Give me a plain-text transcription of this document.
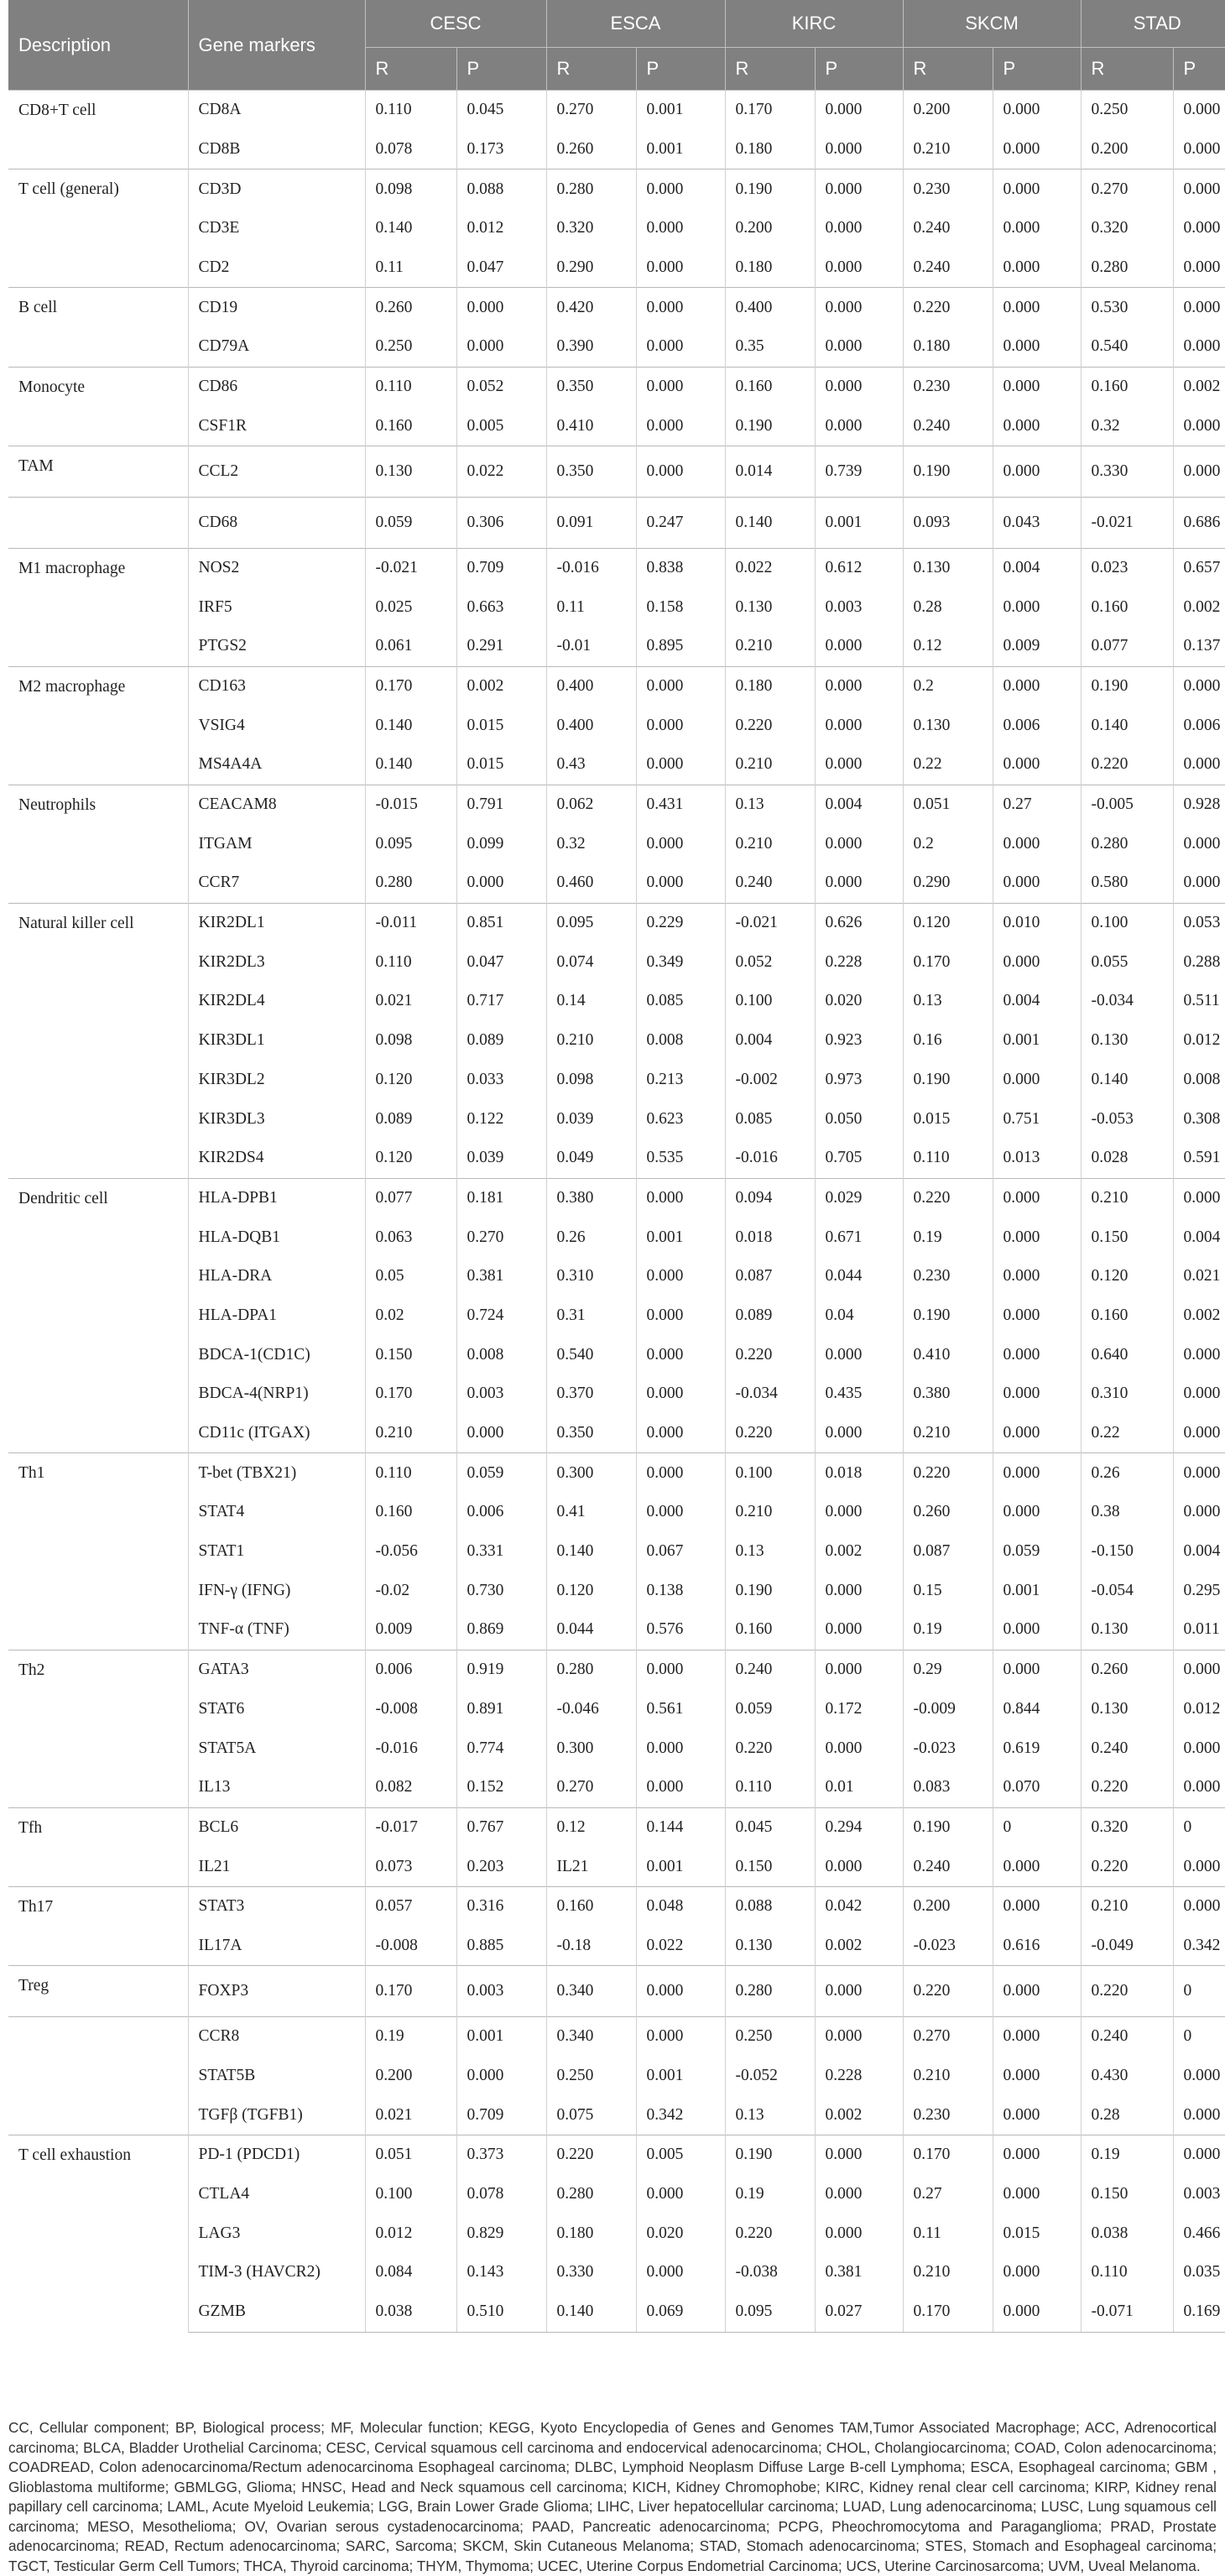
Description	Gene markers	CESC		ESCA		KIRC		SKCM		STAD	
		R	P	R	P	R	P	R	P	R	P
CD8+T cell	CD8A	0.110	0.045	0.270	0.001	0.170	0.000	0.200	0.000	0.250	0.000
	CD8B	0.078	0.173	0.260	0.001	0.180	0.000	0.210	0.000	0.200	0.000
T cell (general)	CD3D	0.098	0.088	0.280	0.000	0.190	0.000	0.230	0.000	0.270	0.000
	CD3E	0.140	0.012	0.320	0.000	0.200	0.000	0.240	0.000	0.320	0.000
	CD2	0.11	0.047	0.290	0.000	0.180	0.000	0.240	0.000	0.280	0.000
B cell	CD19	0.260	0.000	0.420	0.000	0.400	0.000	0.220	0.000	0.530	0.000
	CD79A	0.250	0.000	0.390	0.000	0.35	0.000	0.180	0.000	0.540	0.000
Monocyte	CD86	0.110	0.052	0.350	0.000	0.160	0.000	0.230	0.000	0.160	0.002
	CSF1R	0.160	0.005	0.410	0.000	0.190	0.000	0.240	0.000	0.32	0.000
TAM	CCL2	0.130	0.022	0.350	0.000	0.014	0.739	0.190	0.000	0.330	0.000
	CD68	0.059	0.306	0.091	0.247	0.140	0.001	0.093	0.043	-0.021	0.686
M1 macrophage	NOS2	-0.021	0.709	-0.016	0.838	0.022	0.612	0.130	0.004	0.023	0.657
	IRF5	0.025	0.663	0.11	0.158	0.130	0.003	0.28	0.000	0.160	0.002
	PTGS2	0.061	0.291	-0.01	0.895	0.210	0.000	0.12	0.009	0.077	0.137
M2 macrophage	CD163	0.170	0.002	0.400	0.000	0.180	0.000	0.2	0.000	0.190	0.000
	VSIG4	0.140	0.015	0.400	0.000	0.220	0.000	0.130	0.006	0.140	0.006
	MS4A4A	0.140	0.015	0.43	0.000	0.210	0.000	0.22	0.000	0.220	0.000
Neutrophils	CEACAM8	-0.015	0.791	0.062	0.431	0.13	0.004	0.051	0.27	-0.005	0.928
	ITGAM	0.095	0.099	0.32	0.000	0.210	0.000	0.2	0.000	0.280	0.000
	CCR7	0.280	0.000	0.460	0.000	0.240	0.000	0.290	0.000	0.580	0.000
Natural killer cell	KIR2DL1	-0.011	0.851	0.095	0.229	-0.021	0.626	0.120	0.010	0.100	0.053
	KIR2DL3	0.110	0.047	0.074	0.349	0.052	0.228	0.170	0.000	0.055	0.288
	KIR2DL4	0.021	0.717	0.14	0.085	0.100	0.020	0.13	0.004	-0.034	0.511
	KIR3DL1	0.098	0.089	0.210	0.008	0.004	0.923	0.16	0.001	0.130	0.012
	KIR3DL2	0.120	0.033	0.098	0.213	-0.002	0.973	0.190	0.000	0.140	0.008
	KIR3DL3	0.089	0.122	0.039	0.623	0.085	0.050	0.015	0.751	-0.053	0.308
	KIR2DS4	0.120	0.039	0.049	0.535	-0.016	0.705	0.110	0.013	0.028	0.591
Dendritic cell	HLA-DPB1	0.077	0.181	0.380	0.000	0.094	0.029	0.220	0.000	0.210	0.000
	HLA-DQB1	0.063	0.270	0.26	0.001	0.018	0.671	0.19	0.000	0.150	0.004
	HLA-DRA	0.05	0.381	0.310	0.000	0.087	0.044	0.230	0.000	0.120	0.021
	HLA-DPA1	0.02	0.724	0.31	0.000	0.089	0.04	0.190	0.000	0.160	0.002
	BDCA-1(CD1C)	0.150	0.008	0.540	0.000	0.220	0.000	0.410	0.000	0.640	0.000
	BDCA-4(NRP1)	0.170	0.003	0.370	0.000	-0.034	0.435	0.380	0.000	0.310	0.000
	CD11c (ITGAX)	0.210	0.000	0.350	0.000	0.220	0.000	0.210	0.000	0.22	0.000
Th1	T-bet (TBX21)	0.110	0.059	0.300	0.000	0.100	0.018	0.220	0.000	0.26	0.000
	STAT4	0.160	0.006	0.41	0.000	0.210	0.000	0.260	0.000	0.38	0.000
	STAT1	-0.056	0.331	0.140	0.067	0.13	0.002	0.087	0.059	-0.150	0.004
	IFN-γ (IFNG)	-0.02	0.730	0.120	0.138	0.190	0.000	0.15	0.001	-0.054	0.295
	TNF-α (TNF)	0.009	0.869	0.044	0.576	0.160	0.000	0.19	0.000	0.130	0.011
Th2	GATA3	0.006	0.919	0.280	0.000	0.240	0.000	0.29	0.000	0.260	0.000
	STAT6	-0.008	0.891	-0.046	0.561	0.059	0.172	-0.009	0.844	0.130	0.012
	STAT5A	-0.016	0.774	0.300	0.000	0.220	0.000	-0.023	0.619	0.240	0.000
	IL13	0.082	0.152	0.270	0.000	0.110	0.01	0.083	0.070	0.220	0.000
Tfh	BCL6	-0.017	0.767	0.12	0.144	0.045	0.294	0.190	0	0.320	0
	IL21	0.073	0.203	IL21	0.001	0.150	0.000	0.240	0.000	0.220	0.000
Th17	STAT3	0.057	0.316	0.160	0.048	0.088	0.042	0.200	0.000	0.210	0.000
	IL17A	-0.008	0.885	-0.18	0.022	0.130	0.002	-0.023	0.616	-0.049	0.342
Treg	FOXP3	0.170	0.003	0.340	0.000	0.280	0.000	0.220	0.000	0.220	0
	CCR8	0.19	0.001	0.340	0.000	0.250	0.000	0.270	0.000	0.240	0
	STAT5B	0.200	0.000	0.250	0.001	-0.052	0.228	0.210	0.000	0.430	0.000
	TGFβ (TGFB1)	0.021	0.709	0.075	0.342	0.13	0.002	0.230	0.000	0.28	0.000
T cell exhaustion	PD-1 (PDCD1)	0.051	0.373	0.220	0.005	0.190	0.000	0.170	0.000	0.19	0.000
	CTLA4	0.100	0.078	0.280	0.000	0.19	0.000	0.27	0.000	0.150	0.003
	LAG3	0.012	0.829	0.180	0.020	0.220	0.000	0.11	0.015	0.038	0.466
	TIM-3 (HAVCR2)	0.084	0.143	0.330	0.000	-0.038	0.381	0.210	0.000	0.110	0.035
	GZMB	0.038	0.510	0.140	0.069	0.095	0.027	0.170	0.000	-0.071	0.169
CC, Cellular component; BP, Biological process; MF, Molecular function; KEGG, Kyoto Encyclopedia of Genes and Genomes TAM,Tumor Associated Macrophage; ACC, Adrenocortical carcinoma; BLCA, Bladder Urothelial Carcinoma; CESC, Cervical squamous cell carcinoma and endocervical adenocarcinoma; CHOL, Cholangiocarcinoma; COAD, Colon adenocarcinoma; COADREAD, Colon adenocarcinoma/Rectum adenocarcinoma Esophageal carcinoma; DLBC, Lymphoid Neoplasm Diffuse Large B-cell Lymphoma; ESCA, Esophageal carcinoma; GBM , Glioblastoma multiforme; GBMLGG, Glioma; HNSC, Head and Neck squamous cell carcinoma; KICH, Kidney Chromophobe; KIRC, Kidney renal clear cell carcinoma; KIRP, Kidney renal papillary cell carcinoma; LAML, Acute Myeloid Leukemia; LGG, Brain Lower Grade Glioma; LIHC, Liver hepatocellular carcinoma; LUAD, Lung adenocarcinoma; LUSC, Lung squamous cell carcinoma; MESO, Mesothelioma; OV, Ovarian serous cystadenocarcinoma; PAAD, Pancreatic adenocarcinoma; PCPG, Pheochromocytoma and Paraganglioma; PRAD, Prostate adenocarcinoma; READ, Rectum adenocarcinoma; SARC, Sarcoma; SKCM, Skin Cutaneous Melanoma; STAD, Stomach adenocarcinoma; STES, Stomach and Esophageal carcinoma; TGCT, Testicular Germ Cell Tumors; THCA, Thyroid carcinoma; THYM, Thymoma; UCEC, Uterine Corpus Endometrial Carcinoma; UCS, Uterine Carcinosarcoma; UVM, Uveal Melanoma.
